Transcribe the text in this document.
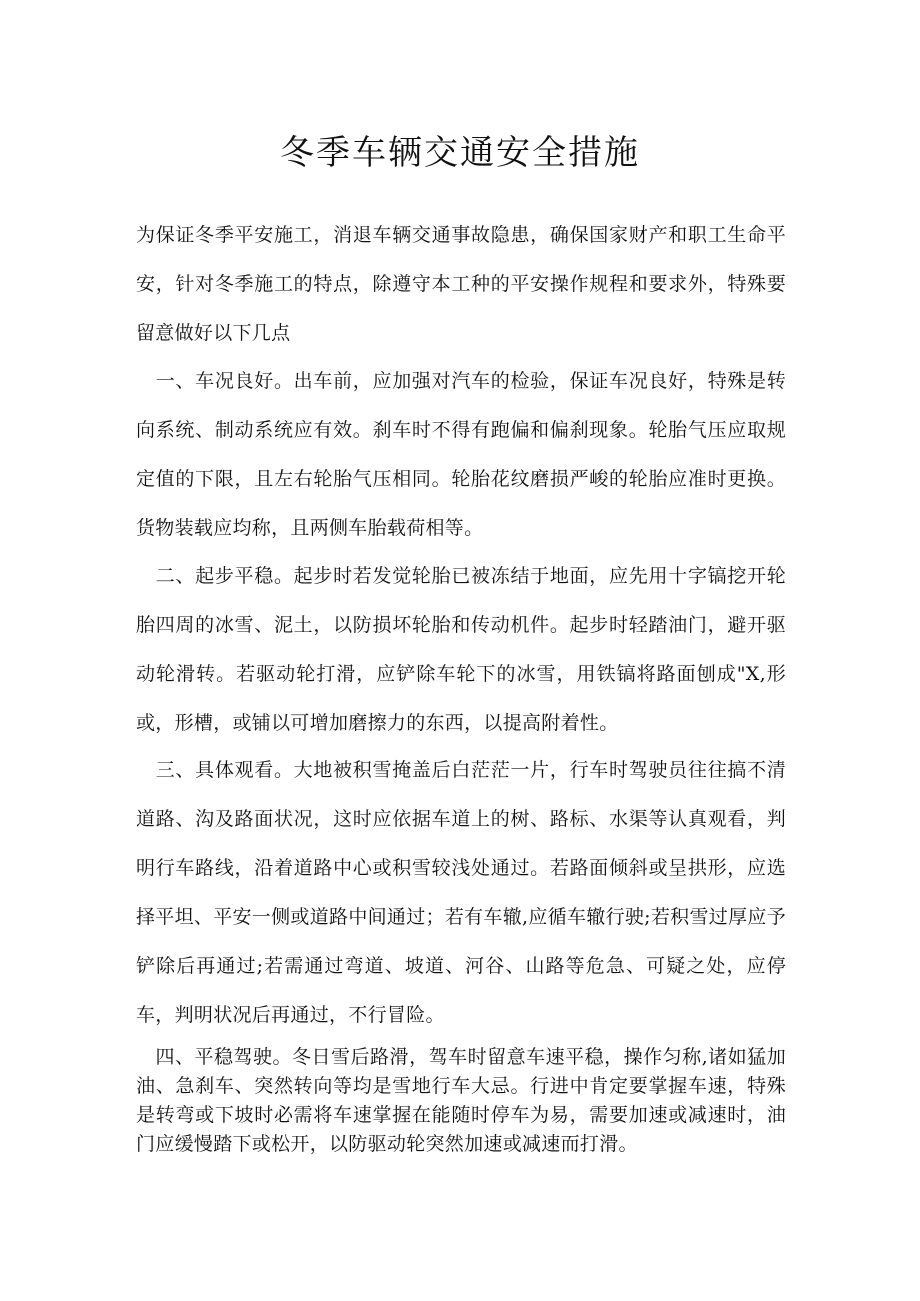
冬季车辆交通安全措施

为保证冬季平安施工，消退车辆交通事故隐患，确保国家财产和职工生命平安，针对冬季施工的特点，除遵守本工种的平安操作规程和要求外，特殊要留意做好以下几点

　一、车况良好。出车前，应加强对汽车的检验，保证车况良好，特殊是转向系统、制动系统应有效。刹车时不得有跑偏和偏刹现象。轮胎气压应取规定值的下限，且左右轮胎气压相同。轮胎花纹磨损严峻的轮胎应准时更换。货物装载应均称，且两侧车胎载荷相等。

　二、起步平稳。起步时若发觉轮胎已被冻结于地面，应先用十字镐挖开轮胎四周的冰雪、泥土，以防损坏轮胎和传动机件。起步时轻踏油门，避开驱动轮滑转。若驱动轮打滑，应铲除车轮下的冰雪，用铁镐将路面刨成"X,形或，形槽，或铺以可增加磨擦力的东西，以提高附着性。

　三、具体观看。大地被积雪掩盖后白茫茫一片，行车时驾驶员往往搞不清道路、沟及路面状况，这时应依据车道上的树、路标、水渠等认真观看，判明行车路线，沿着道路中心或积雪较浅处通过。若路面倾斜或呈拱形，应选择平坦、平安一侧或道路中间通过；若有车辙,应循车辙行驶;若积雪过厚应予铲除后再通过;若需通过弯道、坡道、河谷、山路等危急、可疑之处，应停车，判明状况后再通过，不行冒险。

　四、平稳驾驶。冬日雪后路滑，驾车时留意车速平稳，操作匀称,诸如猛加油、急刹车、突然转向等均是雪地行车大忌。行进中肯定要掌握车速，特殊是转弯或下坡时必需将车速掌握在能随时停车为易，需要加速或减速时，油门应缓慢踏下或松开，以防驱动轮突然加速或减速而打滑。
